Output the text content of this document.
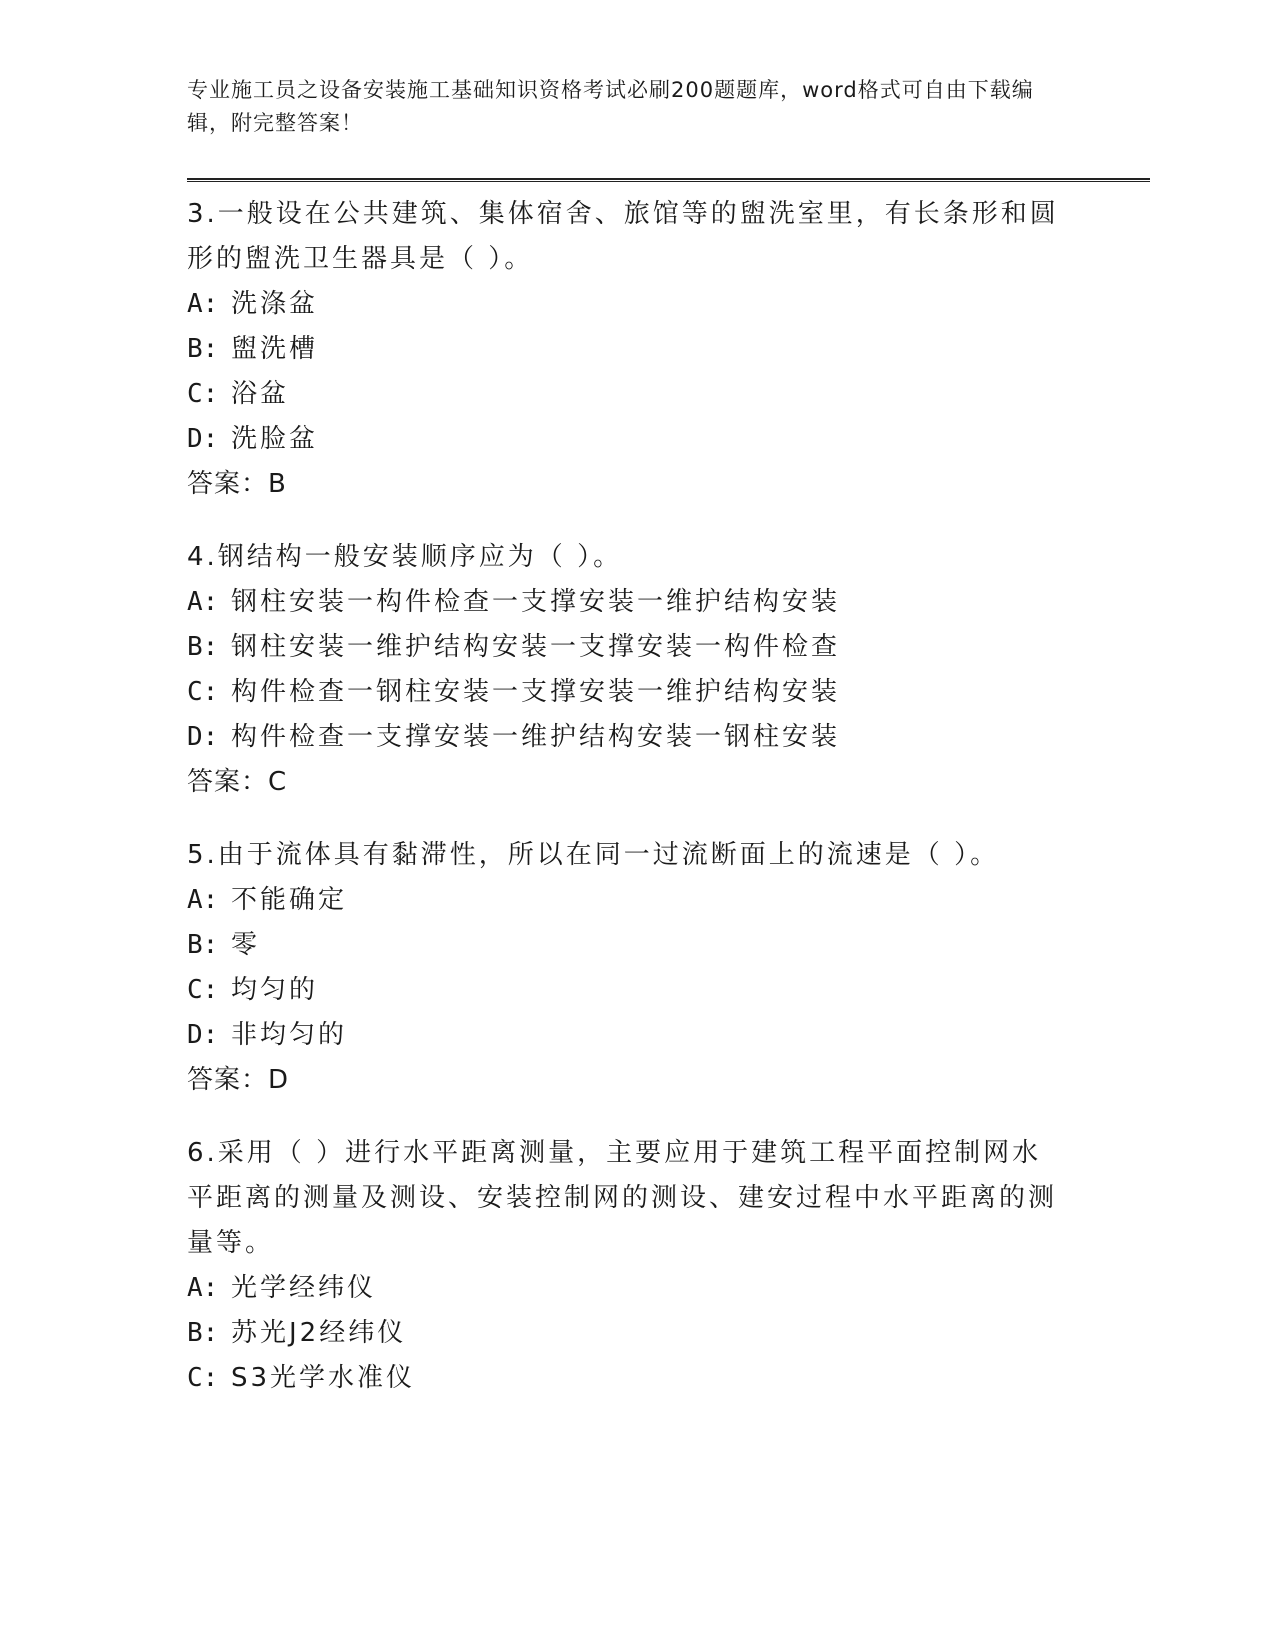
专业施工员之设备安装施工基础知识资格考试必刷200题题库，word格式可自由下载编辑，附完整答案！
3.一般设在公共建筑、集体宿舍、旅馆等的盥洗室里，有长条形和圆形的盥洗卫生器具是（ ）。
A: 洗涤盆
B: 盥洗槽
C: 浴盆
D: 洗脸盆
答案：B
4.钢结构一般安装顺序应为（ ）。
A: 钢柱安装一构件检查一支撑安装一维护结构安装
B: 钢柱安装一维护结构安装一支撑安装一构件检查
C: 构件检查一钢柱安装一支撑安装一维护结构安装
D: 构件检查一支撑安装一维护结构安装一钢柱安装
答案：C
5.由于流体具有黏滞性，所以在同一过流断面上的流速是（ ）。
A: 不能确定
B: 零
C: 均匀的
D: 非均匀的
答案：D
6.采用（ ）进行水平距离测量，主要应用于建筑工程平面控制网水平距离的测量及测设、安装控制网的测设、建安过程中水平距离的测量等。
A: 光学经纬仪
B: 苏光J2经纬仪
C: S3光学水准仪
